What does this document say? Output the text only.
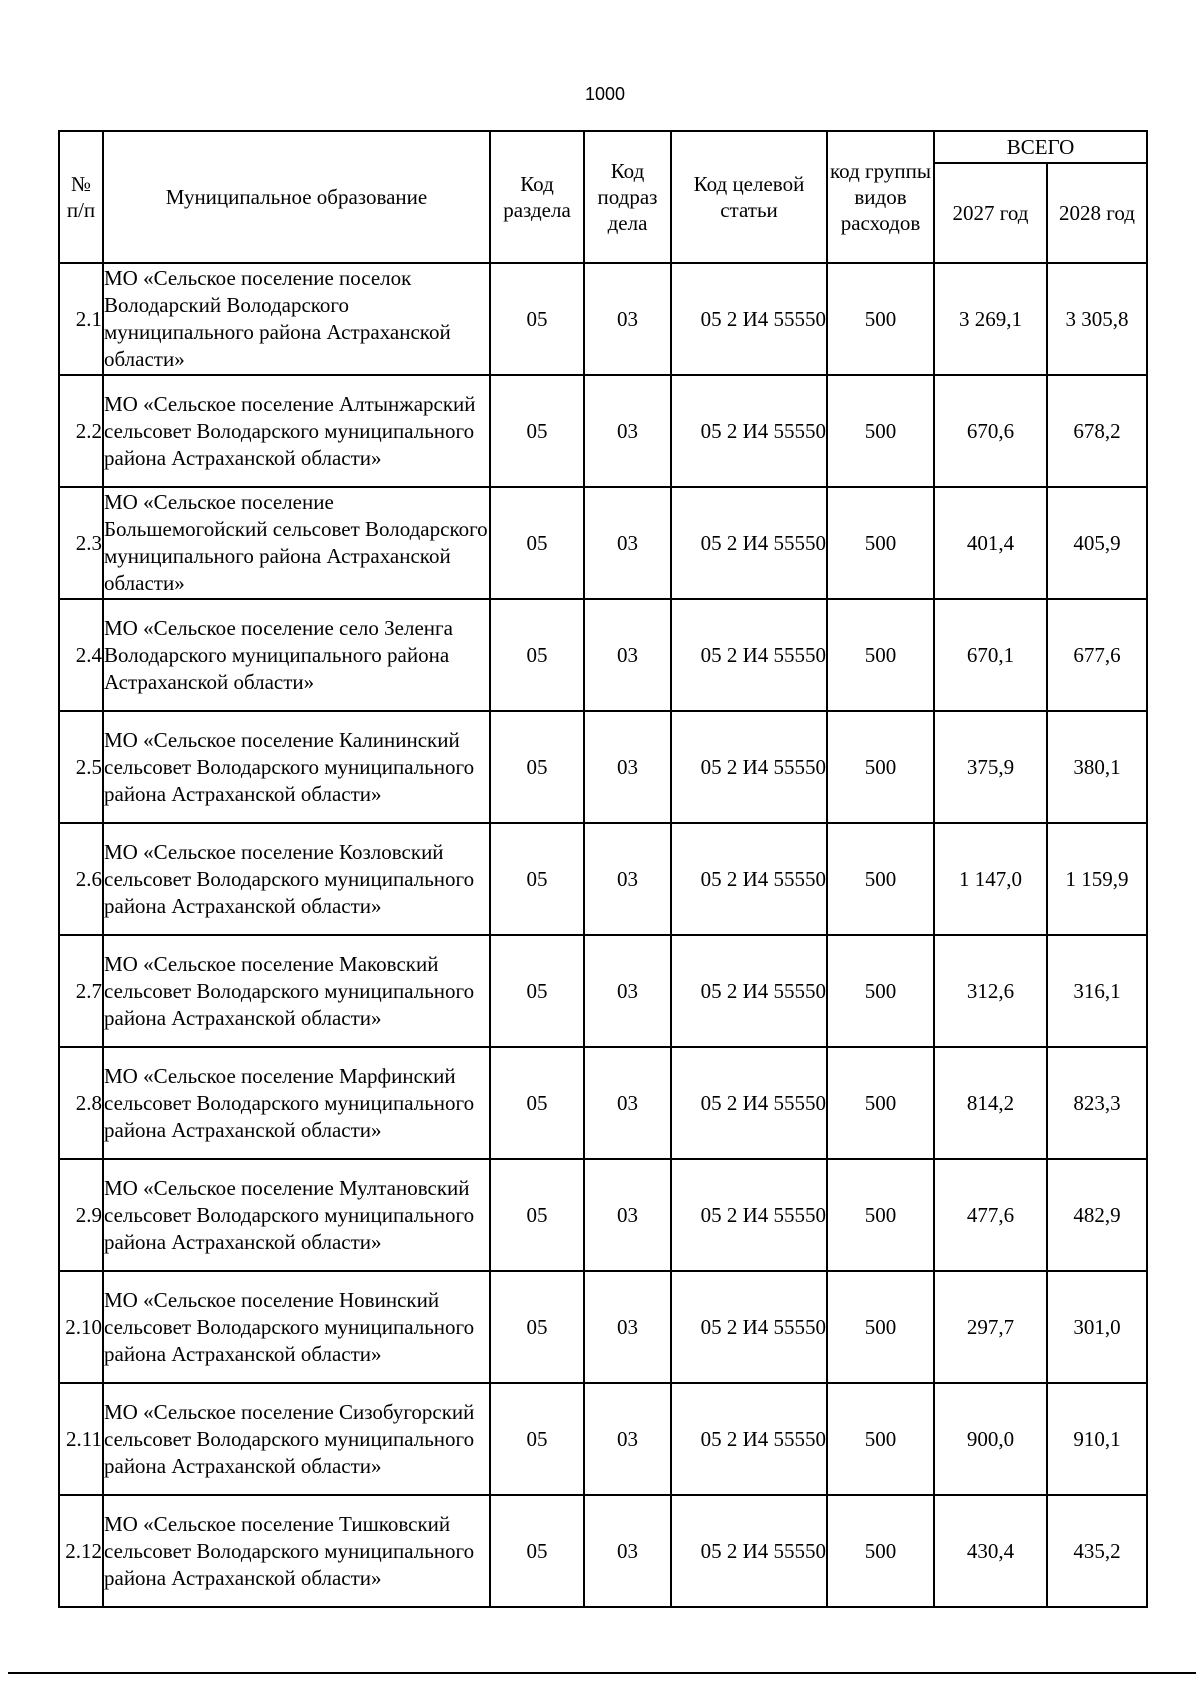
1000
№ п/п	Муниципальное образование	Код раздела	Код подраз дела	Код целевой статьи	код группы видов расходов	ВСЕГО	
						2027 год	2028 год
2.1	МО «Сельское поселение поселок Володарский Володарского муниципального района Астраханской области»	05	03	05 2 И4 55550	500	3 269,1	3 305,8
2.2	МО «Сельское поселение Алтынжарский сельсовет Володарского муниципального района Астраханской области»	05	03	05 2 И4 55550	500	670,6	678,2
2.3	МО «Сельское поселение Большемогойский сельсовет Володарского муниципального района Астраханской области»	05	03	05 2 И4 55550	500	401,4	405,9
2.4	МО «Сельское поселение село Зеленга Володарского муниципального района Астраханской области»	05	03	05 2 И4 55550	500	670,1	677,6
2.5	МО «Сельское поселение Калининский сельсовет Володарского муниципального района Астраханской области»	05	03	05 2 И4 55550	500	375,9	380,1
2.6	МО «Сельское поселение Козловский сельсовет Володарского муниципального района Астраханской области»	05	03	05 2 И4 55550	500	1 147,0	1 159,9
2.7	МО «Сельское поселение Маковский сельсовет Володарского муниципального района Астраханской области»	05	03	05 2 И4 55550	500	312,6	316,1
2.8	МО «Сельское поселение Марфинский сельсовет Володарского муниципального района Астраханской области»	05	03	05 2 И4 55550	500	814,2	823,3
2.9	МО «Сельское поселение Мултановский сельсовет Володарского муниципального района Астраханской области»	05	03	05 2 И4 55550	500	477,6	482,9
2.10	МО «Сельское поселение Новинский сельсовет Володарского муниципального района Астраханской области»	05	03	05 2 И4 55550	500	297,7	301,0
2.11	МО «Сельское поселение Сизобугорский сельсовет Володарского муниципального района Астраханской области»	05	03	05 2 И4 55550	500	900,0	910,1
2.12	МО «Сельское поселение Тишковский сельсовет Володарского муниципального района Астраханской области»	05	03	05 2 И4 55550	500	430,4	435,2
